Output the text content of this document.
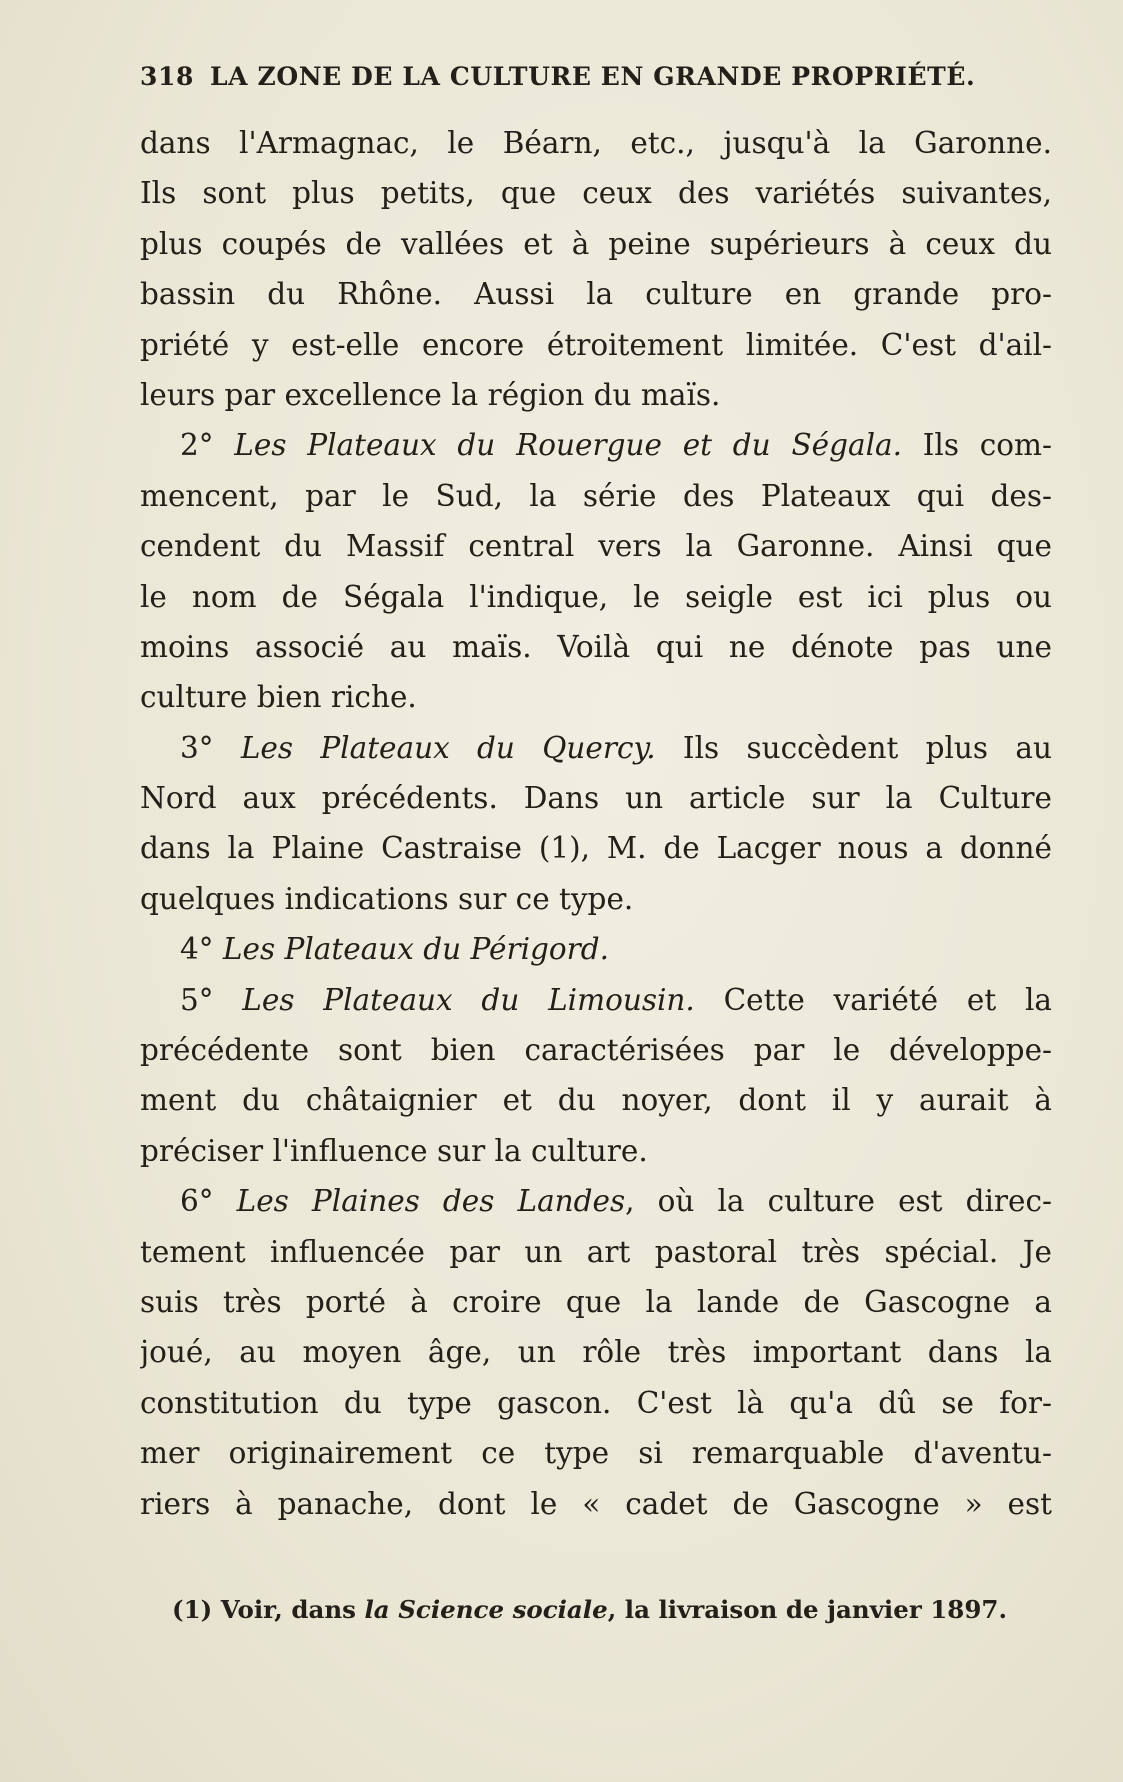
318 LA ZONE DE LA CULTURE EN GRANDE PROPRIÉTÉ.
dans l'Armagnac, le Béarn, etc., jusqu'à la Garonne.
Ils sont plus petits, que ceux des variétés suivantes,
plus coupés de vallées et à peine supérieurs à ceux du
bassin du Rhône. Aussi la culture en grande pro-
priété y est-elle encore étroitement limitée. C'est d'ail-
leurs par excellence la région du maïs.
2° Les Plateaux du Rouergue et du Ségala. Ils com-
mencent, par le Sud, la série des Plateaux qui des-
cendent du Massif central vers la Garonne. Ainsi que
le nom de Ségala l'indique, le seigle est ici plus ou
moins associé au maïs. Voilà qui ne dénote pas une
culture bien riche.
3° Les Plateaux du Quercy. Ils succèdent plus au
Nord aux précédents. Dans un article sur la Culture
dans la Plaine Castraise (1), M. de Lacger nous a donné
quelques indications sur ce type.
4° Les Plateaux du Périgord.
5° Les Plateaux du Limousin. Cette variété et la
précédente sont bien caractérisées par le développe-
ment du châtaignier et du noyer, dont il y aurait à
préciser l'influence sur la culture.
6° Les Plaines des Landes, où la culture est direc-
tement influencée par un art pastoral très spécial. Je
suis très porté à croire que la lande de Gascogne a
joué, au moyen âge, un rôle très important dans la
constitution du type gascon. C'est là qu'a dû se for-
mer originairement ce type si remarquable d'aventu-
riers à panache, dont le « cadet de Gascogne » est
(1) Voir, dans la Science sociale, la livraison de janvier 1897.
